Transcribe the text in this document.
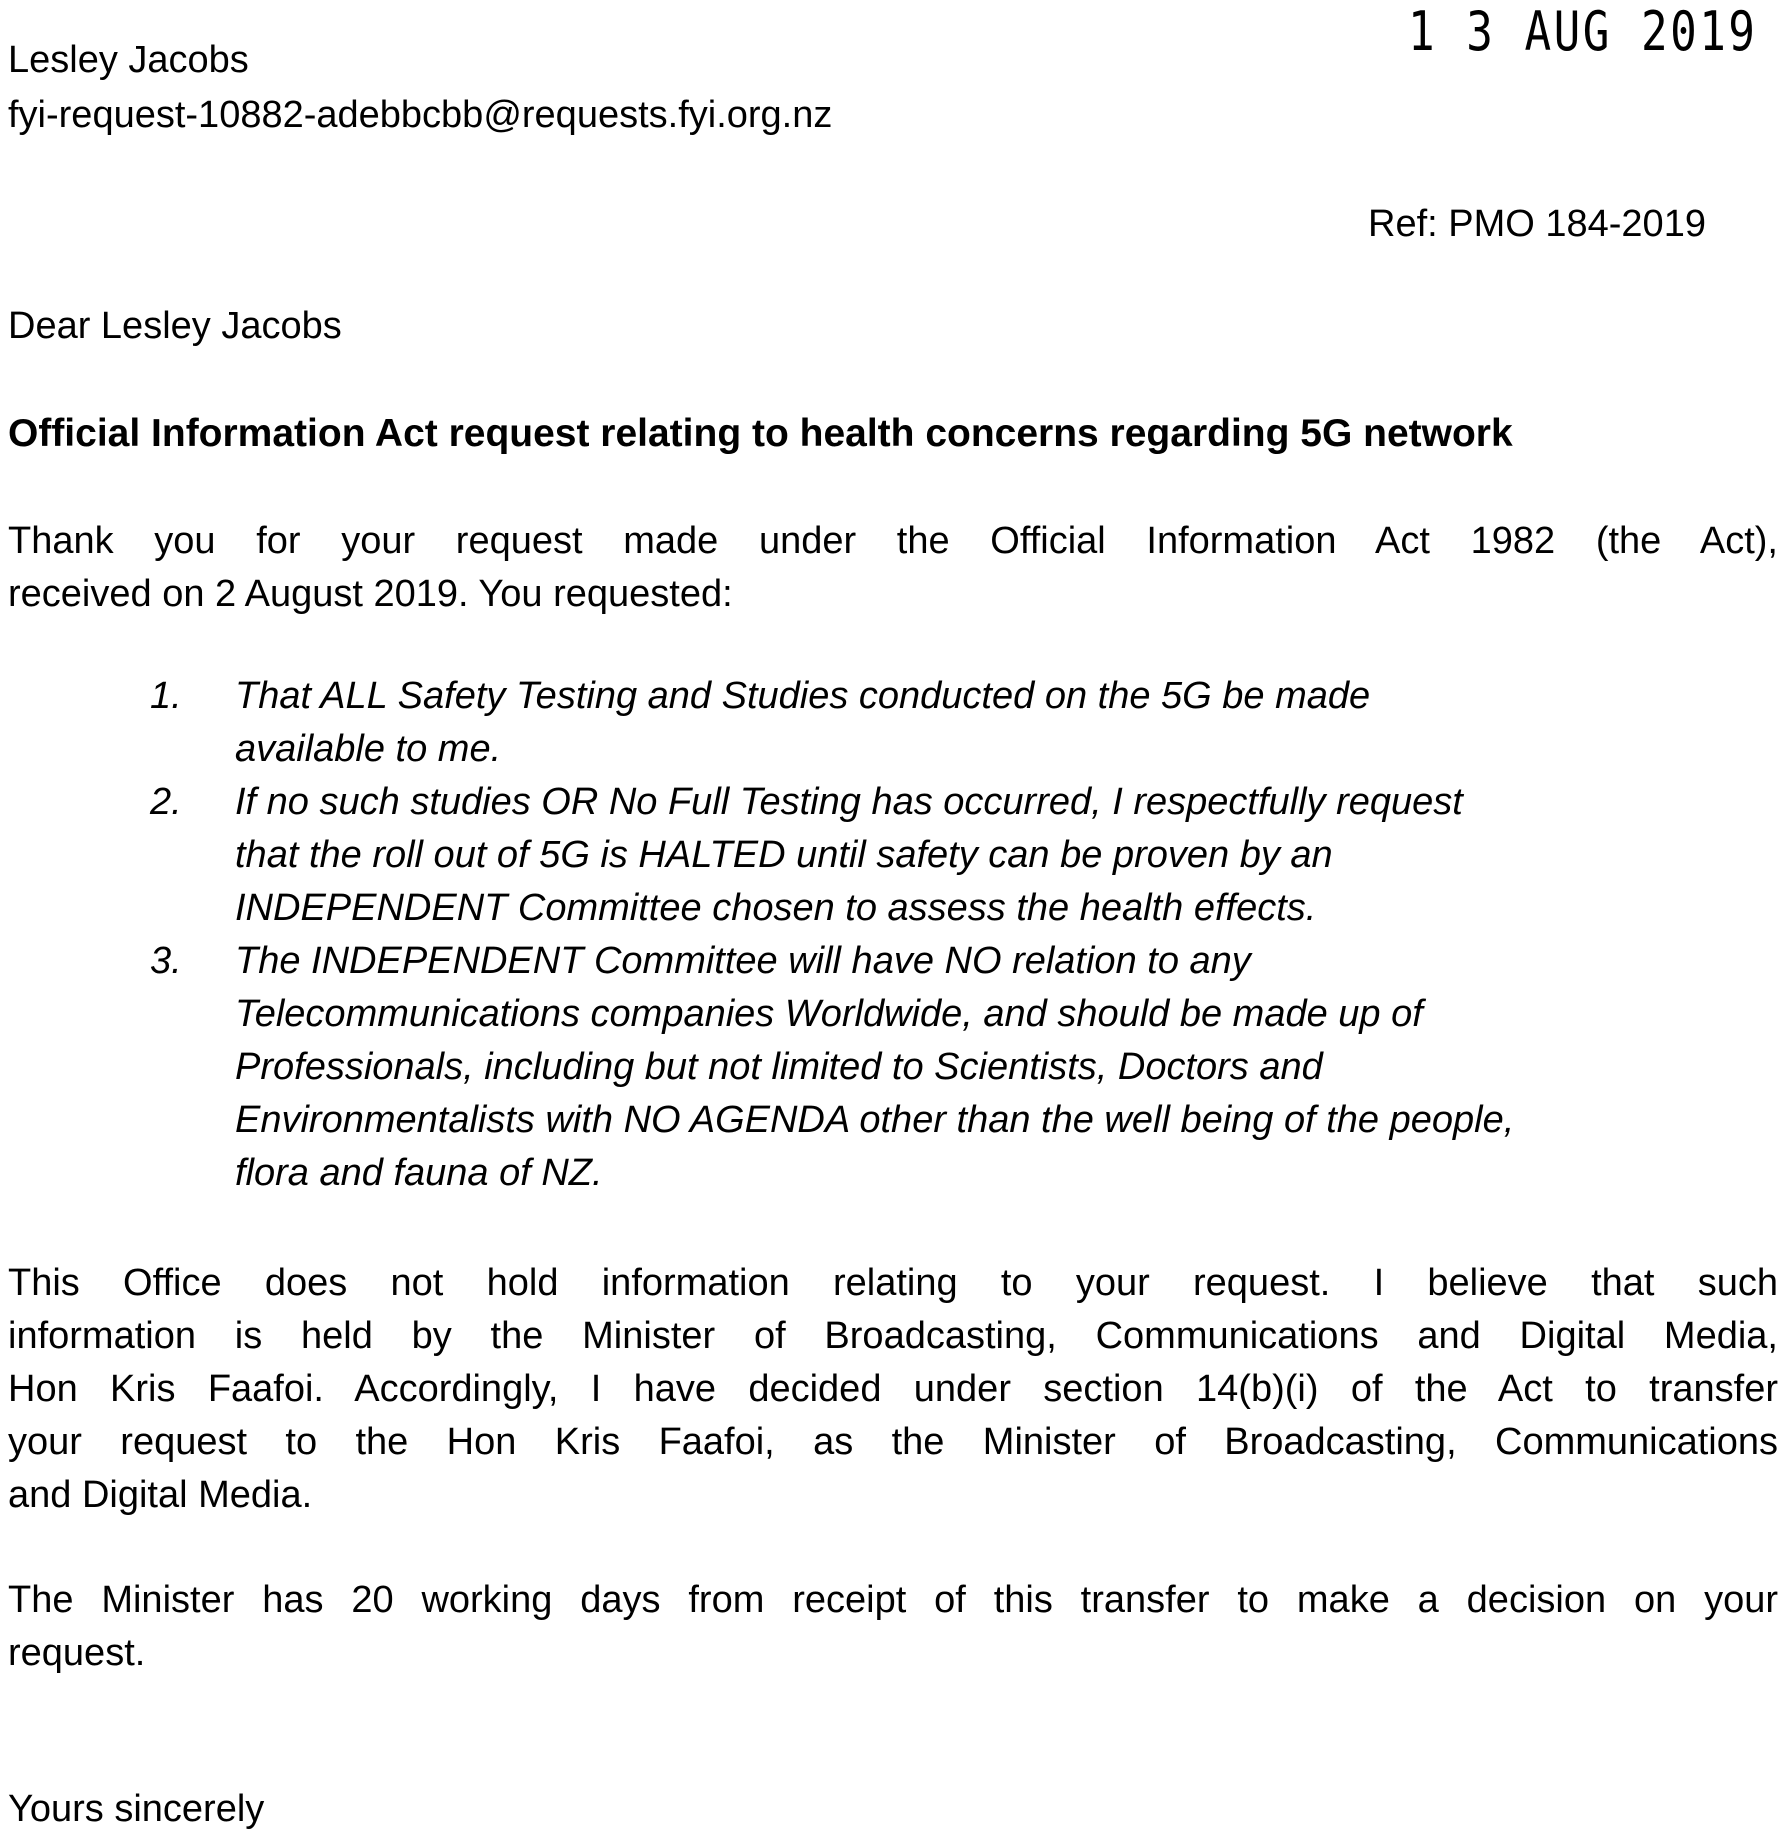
Lesley Jacobs
fyi-request-10882-adebbcbb@requests.fyi.org.nz
1 3 AUG 2019
Ref: PMO 184-2019
Dear Lesley Jacobs
Official Information Act request relating to health concerns regarding 5G network
Thank you for your request made under the Official Information Act 1982 (the Act),
received on 2 August 2019. You requested:
1. That ALL Safety Testing and Studies conducted on the 5G be made
available to me.
2. If no such studies OR No Full Testing has occurred, I respectfully request
that the roll out of 5G is HALTED until safety can be proven by an
INDEPENDENT Committee chosen to assess the health effects.
3. The INDEPENDENT Committee will have NO relation to any
Telecommunications companies Worldwide, and should be made up of
Professionals, including but not limited to Scientists, Doctors and
Environmentalists with NO AGENDA other than the well being of the people,
flora and fauna of NZ.
This Office does not hold information relating to your request. I believe that such
information is held by the Minister of Broadcasting, Communications and Digital Media,
Hon Kris Faafoi. Accordingly, I have decided under section 14(b)(i) of the Act to transfer
your request to the Hon Kris Faafoi, as the Minister of Broadcasting, Communications
and Digital Media.
The Minister has 20 working days from receipt of this transfer to make a decision on your
request.
Yours sincerely
